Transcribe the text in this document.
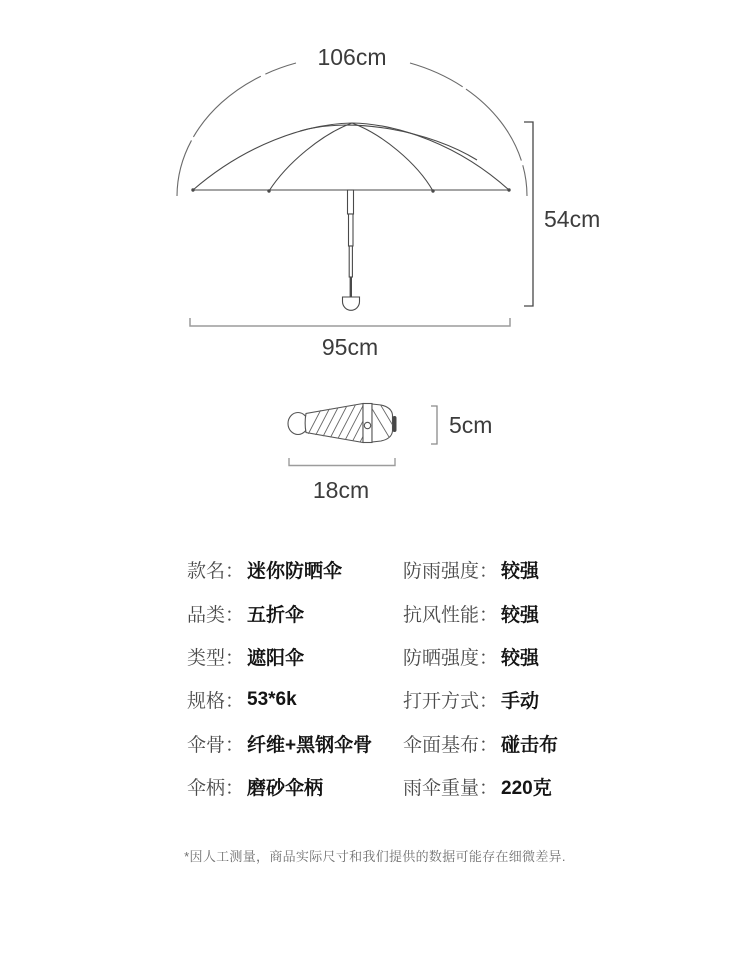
106cm
54cm
95cm
5cm
18cm
款名： 迷你防晒伞
品类： 五折伞
类型： 遮阳伞
规格： 53*6k
伞骨： 纤维+黑钢伞骨
伞柄： 磨砂伞柄
防雨强度： 较强
抗风性能： 较强
防晒强度： 较强
打开方式： 手动
伞面基布： 碰击布
雨伞重量： 220克
*因人工测量，商品实际尺寸和我们提供的数据可能存在细微差异.
